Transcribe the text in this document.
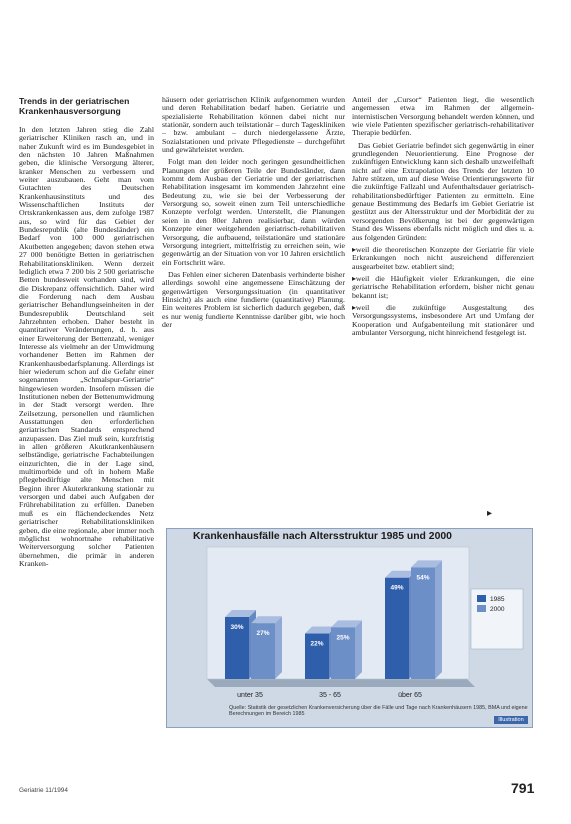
Trends in der geriatrischen
Krankenhausversorgung

In den letzten Jahren stieg die Zahl geriatrischer Kliniken rasch an, und in naher Zukunft wird es im Bundesgebiet in den nächsten 10 Jahren Maßnahmen geben, die klinische Versorgung älterer, kranker Menschen zu verbessern und weiter auszubauen. Geht man vom Gutachten des Deutschen Krankenhausinstituts und des Wissenschaftlichen Instituts der Ortskrankenkassen aus, dem zufolge 1987 aus, so wird für das Gebiet der Bundesrepublik (alte Bundesländer) ein Bedarf von 100 000 geriatrischen Akutbetten angegeben; davon stehen etwa 27 000 benötigte Betten in geriatrischen Rehabilitationskliniken. Wenn derzeit lediglich etwa 7 200 bis 2 500 geriatrische Betten bundesweit vorhanden sind, wird die Diskrepanz offensichtlich. Daher wird die Forderung nach dem Ausbau geriatrischer Behandlungseinheiten in der Bundesrepublik Deutschland seit Jahrzehnten erhoben. Daher besteht in quantitativer Veränderungen, d. h. aus einer Erweiterung der Bettenzahl, weniger Interesse als vielmehr an der Umwidmung vorhandener Betten im Rahmen der Krankenhausbedarfsplanung. Allerdings ist hier wiederum schon auf die Gefahr einer sogenannten „Schmalspur-Geriatrie“ hingewiesen worden. Insofern müssen die Institutionen neben der Bettenumwidmung in der Stadt versorgt werden. Ihre Zeilsetzung, personellen und räumlichen Ausstattungen den erforderlichen geriatrischen Standards entsprechend anzupassen. Das Ziel muß sein, kurzfristig in allen größeren Akutkrankenhäusern selbständige, geriatrische Fachabteilungen einzurichten, die in der Lage sind, multimorbide und oft in hohem Maße pflegebedürftige alte Menschen mit Beginn ihrer Akuterkrankung stationär zu versorgen und dabei auch Aufgaben der Frührehabilitation zu erfüllen. Daneben muß es ein flächendeckendes Netz geriatrischer Rehabilitationskliniken geben, die eine regionale, aber immer noch möglichst wohnortnahe rehabilitative Weiterversorgung solcher Patienten übernehmen, die primär in anderen Kranken-

häusern oder geriatrischen Klinik aufgenommen wurden und deren Rehabilitation bedarf haben. Geriatrie und spezialisierte Rehabilitation können dabei nicht nur stationär, sondern auch teilstationär – durch Tageskliniken – bzw. ambulant – durch niedergelassene Ärzte, Sozialstationen und private Pflegedienste – durchgeführt und gewährleistet werden.

Folgt man den leider noch geringen gesundheitlichen Planungen der größeren Teile der Bundesländer, dann kommt dem Ausbau der Geriatrie und der geriatrischen Rehabilitation insgesamt im kommenden Jahrzehnt eine Bedeutung zu, wie sie bei der Verbesserung der Versorgung so, soweit einen zum Teil unterschiedliche Konzepte verfolgt werden. Unterstellt, die Planungen seien in den 80er Jahren realisierbar, dann würden Konzepte einer weitgehenden geriatrisch-rehabilitativen Versorgung, die aufbauend, teilstationäre und stationäre Versorgung integriert, mittelfristig zu erreichen sein, wie gegenwärtig an der Situation von vor 10 Jahren ersichtlich ein Fortschritt wäre.

Das Fehlen einer sicheren Datenbasis verhinderte bisher allerdings sowohl eine angemessene Einschätzung der gegenwärtigen Versorgungssituation (in quantitativer Hinsicht) als auch eine fundierte (quantitative) Planung. Ein weiteres Problem ist sicherlich dadurch gegeben, daß es nur wenig fundierte Kenntnisse darüber gibt, wie hoch der

Anteil der „Cursor“ Patienten liegt, die wesentlich angemessen etwa im Rahmen der allgemein-internistischen Versorgung behandelt werden können, und wie viele Patienten spezifischer geriatrisch-rehabilitativer Therapie bedürfen.

Das Gebiet Geriatrie befindet sich gegenwärtig in einer grundlegenden Neuorientierung. Eine Prognose der zukünftigen Entwicklung kann sich deshalb unzweifelhaft nicht auf eine Extrapolation des Trends der letzten 10 Jahre stützen, um auf diese Weise Orientierungswerte für die zukünftige Fallzahl und Aufenthaltsdauer geriatrisch-rehabilitationsbedürftiger Patienten zu ermitteln. Eine genaue Bestimmung des Bedarfs im Gebiet Geriatrie ist gestützt aus der Altersstruktur und der Morbidität der zu versorgenden Bevölkerung ist bei der gegenwärtigen Stand des Wissens ebenfalls nicht möglich und dies u. a. aus folgenden Gründen:

▸ weil die theoretischen Konzepte der Geriatrie für viele Erkrankungen noch nicht ausreichend differenziert ausgearbeitet bzw. etabliert sind;

▸ weil die Häufigkeit vieler Erkrankungen, die eine geriatrische Rehabilitation erfordern, bisher nicht genau bekannt ist;

▸ weil die zukünftige Ausgestaltung des Versorgungssystems, insbesondere Art und Umfang der Kooperation und Aufgabenteilung mit stationärer und ambulanter Versorgung, nicht hinreichend festgelegt ist.

▸
30%
27%
unter 35
22%
25%
35 - 65
49%
54%
über 65
1985
2000
Krankenhausfälle nach Altersstruktur 1985 und 2000
Quelle: Statistik der gesetzlichen Krankenversicherung über die Fälle und Tage nach Krankenhäusern 1985, BMA und eigene Berechnungen im Bereich 1985
Illustration
Geriatrie 11/1994	791
